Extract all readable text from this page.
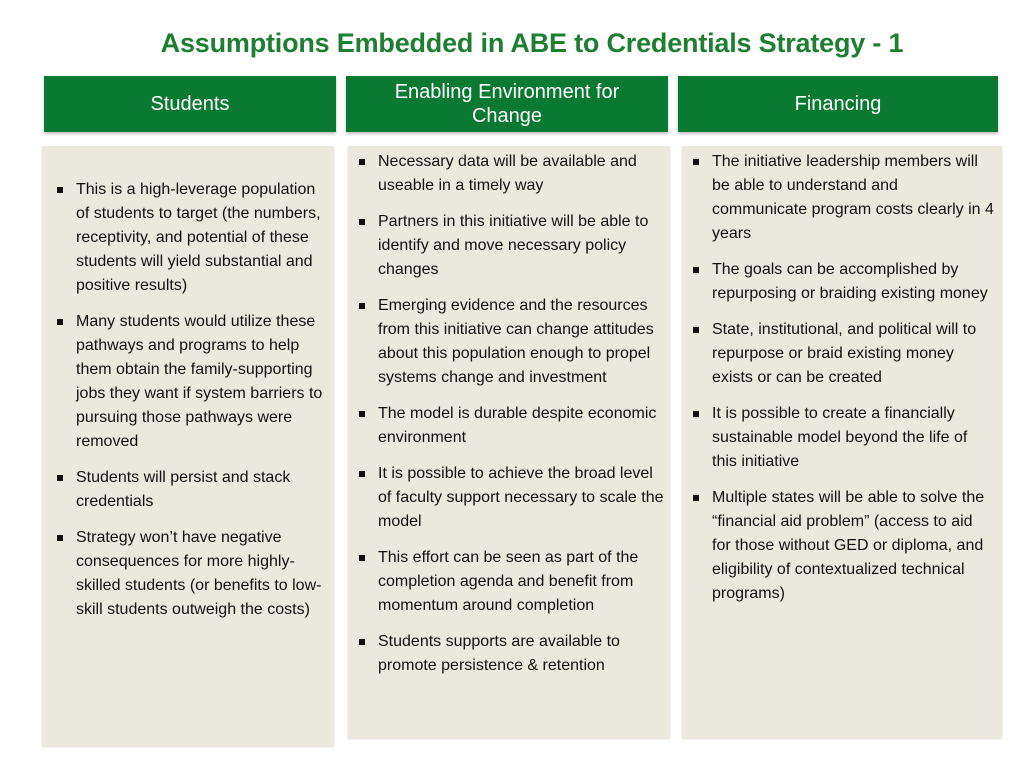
Assumptions Embedded in ABE to Credentials Strategy - 1
Students
This is a high-leverage population of students to target (the numbers, receptivity, and potential of these students will yield substantial and positive results)
Many students would utilize these pathways and programs to help them obtain the family-supporting jobs they want if system barriers to pursuing those pathways were removed
Students will persist and stack credentials
Strategy won’t have negative consequences for more highly-skilled students (or benefits to low-skill students outweigh the costs)
Enabling Environment for Change
Necessary data will be available and useable in a timely way
Partners in this initiative will be able to identify and move necessary policy changes
Emerging evidence and the resources from this initiative can change attitudes about this population enough to propel systems change and investment
The model is durable despite economic environment
It is possible to achieve the broad level of faculty support necessary to scale the model
This effort can be seen as part of the completion agenda and benefit from momentum around completion
Students supports are available to promote persistence & retention
Financing
The initiative leadership members will be able to understand and communicate program costs clearly in 4 years
The goals can be accomplished by repurposing or braiding existing money
State, institutional, and political will to repurpose or braid existing money exists or can be created
It is possible to create a financially sustainable model beyond the life of this initiative
Multiple states will be able to solve the “financial aid problem” (access to aid for those without GED or diploma, and eligibility of contextualized technical programs)
